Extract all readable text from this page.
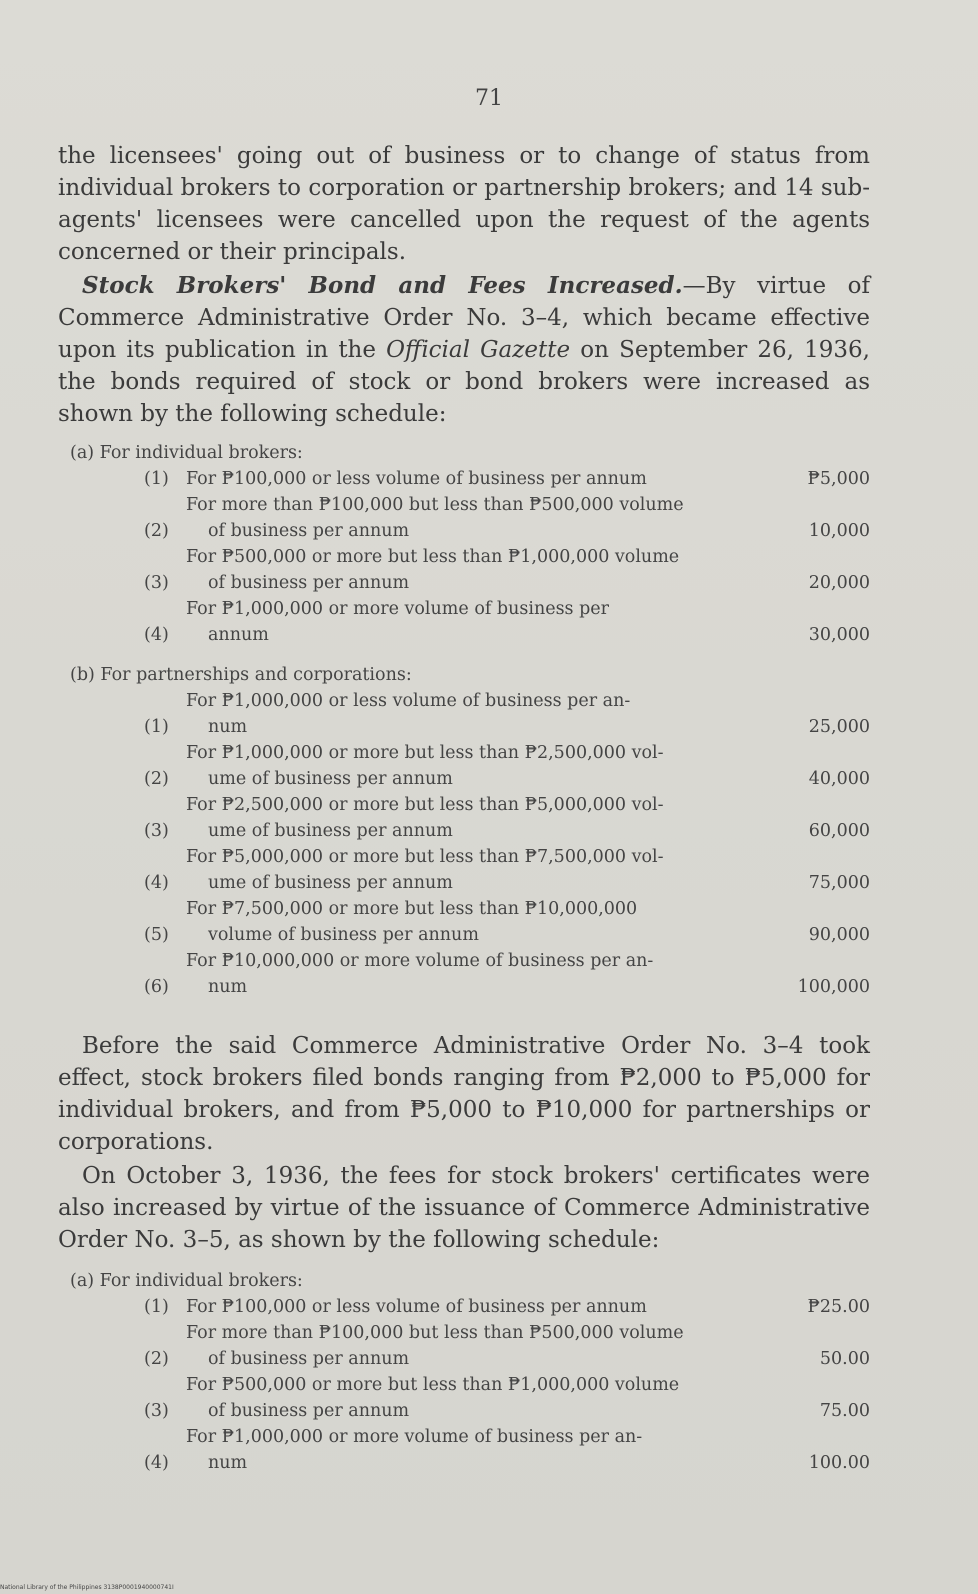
71

the licensees' going out of business or to change of status from individual brokers to corporation or partnership brokers; and 14 sub-agents' licensees were cancelled upon the request of the agents concerned or their principals.

Stock Brokers' Bond and Fees Increased.—By virtue of Commerce Administrative Order No. 3–4, which became effective upon its publication in the Official Gazette on September 26, 1936, the bonds required of stock or bond brokers were increased as shown by the following schedule:

(a) For individual brokers:
(1) For ₱100,000 or less volume of business per annum	₱5,000
(2)
For more than ₱100,000 but less than ₱500,000 volume
of business per annum	10,000
(3)
For ₱500,000 or more but less than ₱1,000,000 volume
of business per annum	20,000
(4)
For ₱1,000,000 or more volume of business per
annum	30,000
(b) For partnerships and corporations:
(1)
For ₱1,000,000 or less volume of business per an-
num	25,000
(2)
For ₱1,000,000 or more but less than ₱2,500,000 vol-
ume of business per annum	40,000
(3)
For ₱2,500,000 or more but less than ₱5,000,000 vol-
ume of business per annum	60,000
(4)
For ₱5,000,000 or more but less than ₱7,500,000 vol-
ume of business per annum	75,000
(5)
For ₱7,500,000 or more but less than ₱10,000,000
volume of business per annum	90,000
(6)
For ₱10,000,000 or more volume of business per an-
num	100,000

Before the said Commerce Administrative Order No. 3–4 took effect, stock brokers filed bonds ranging from ₱2,000 to ₱5,000 for individual brokers, and from ₱5,000 to ₱10,000 for partnerships or corporations.

On October 3, 1936, the fees for stock brokers' certificates were also increased by virtue of the issuance of Commerce Administrative Order No. 3–5, as shown by the following schedule:

(a) For individual brokers:
(1) For ₱100,000 or less volume of business per annum	₱25.00
(2)
For more than ₱100,000 but less than ₱500,000 volume
of business per annum	50.00
(3)
For ₱500,000 or more but less than ₱1,000,000 volume
of business per annum	75.00
(4)
For ₱1,000,000 or more volume of business per an-
num	100.00
National Library of the Philippines 3138P0001940000741I
